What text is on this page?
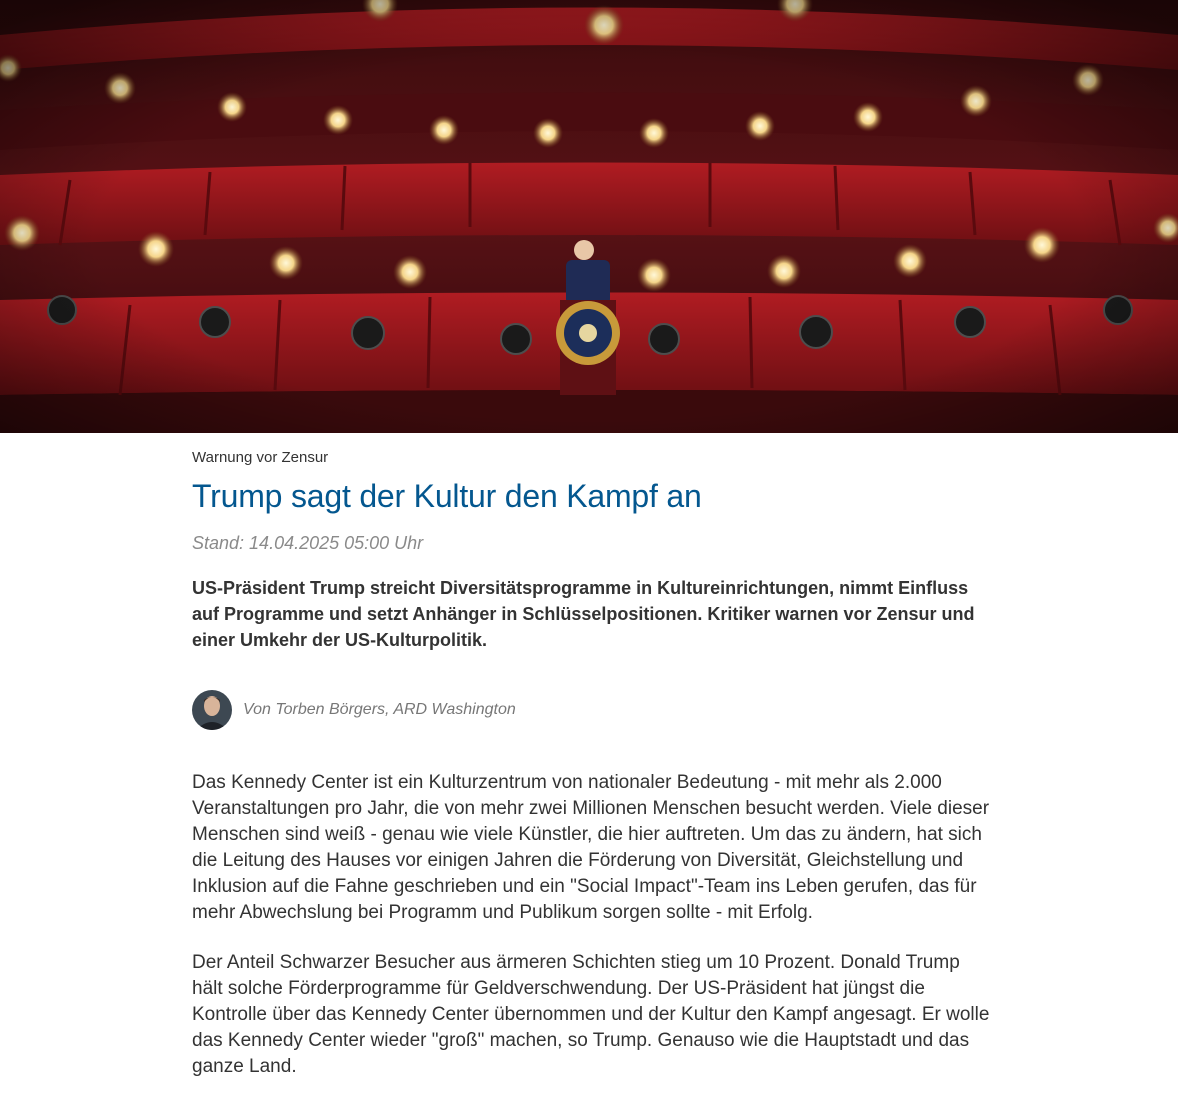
Warnung vor Zensur
Trump sagt der Kultur den Kampf an
Stand: 14.04.2025 05:00 Uhr
US-Präsident Trump streicht Diversitätsprogramme in Kultureinrichtungen, nimmt Einfluss auf Programme und setzt Anhänger in Schlüsselpositionen. Kritiker warnen vor Zensur und einer Umkehr der US-Kulturpolitik.
Von Torben Börgers, ARD Washington

Das Kennedy Center ist ein Kulturzentrum von nationaler Bedeutung - mit mehr als 2.000 Veranstaltungen pro Jahr, die von mehr zwei Millionen Menschen besucht werden. Viele dieser Menschen sind weiß - genau wie viele Künstler, die hier auftreten. Um das zu ändern, hat sich die Leitung des Hauses vor einigen Jahren die Förderung von Diversität, Gleichstellung und Inklusion auf die Fahne geschrieben und ein "Social Impact"-Team ins Leben gerufen, das für mehr Abwechslung bei Programm und Publikum sorgen sollte - mit Erfolg.

Der Anteil Schwarzer Besucher aus ärmeren Schichten stieg um 10 Prozent. Donald Trump hält solche Förderprogramme für Geldverschwendung. Der US-Präsident hat jüngst die Kontrolle über das Kennedy Center übernommen und der Kultur den Kampf angesagt. Er wolle das Kennedy Center wieder "groß" machen, so Trump. Genauso wie die Hauptstadt und das ganze Land.
